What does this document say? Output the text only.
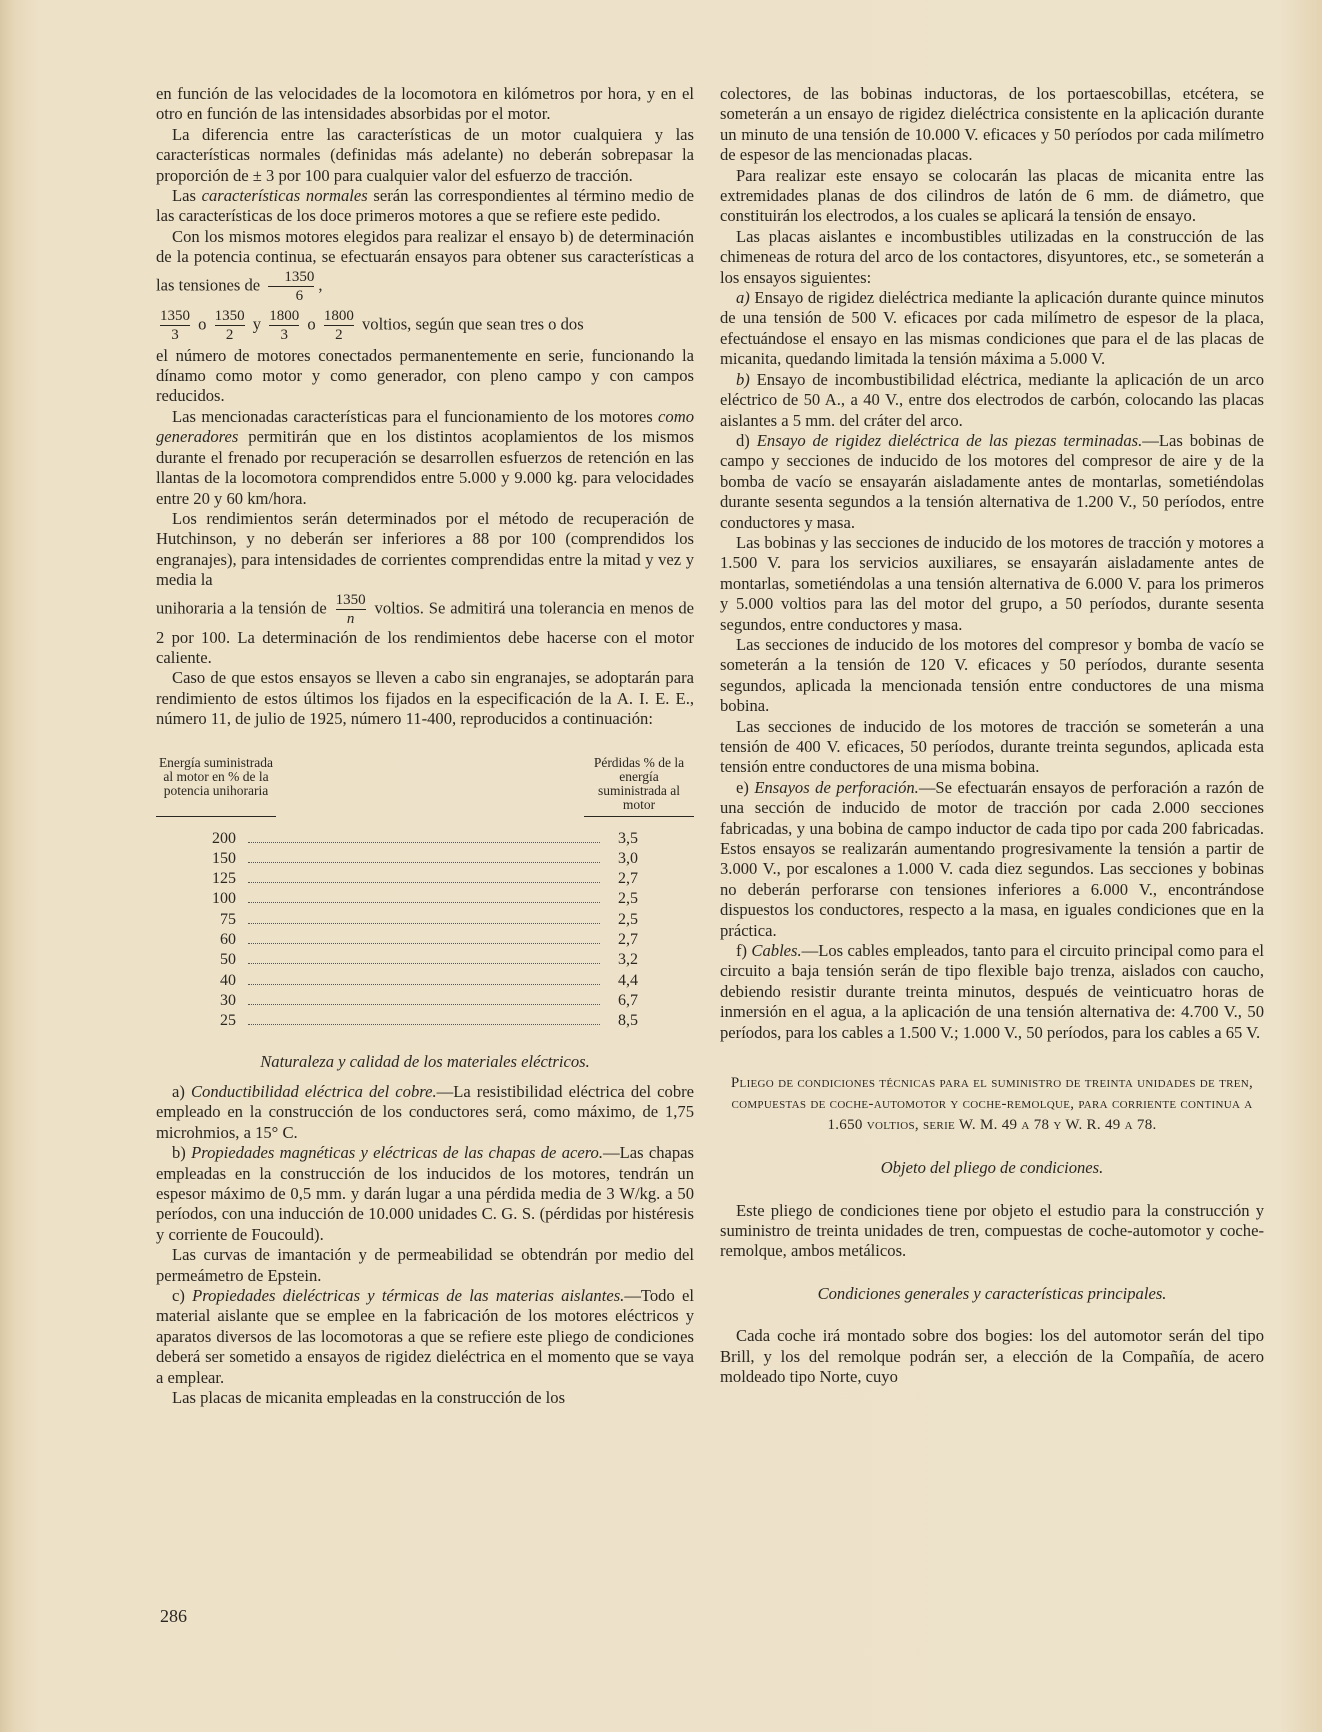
en función de las velocidades de la locomotora en kilómetros por hora, y en el otro en función de las intensidades absorbidas por el motor.

La diferencia entre las características de un motor cualquiera y las características normales (definidas más adelante) no deberán sobrepasar la proporción de ± 3 por 100 para cualquier valor del esfuerzo de tracción.

Las características normales serán las correspondientes al término medio de las características de los doce primeros motores a que se refiere este pedido.

Con los mismos motores elegidos para realizar el ensayo b) de determinación de la potencia continua, se efectuarán ensayos para obtener sus características a las tensiones de $\frac{1350}{6}$ ,

$\frac{1350}{3}$ o $\frac{1350}{2}$ y $\frac{1800}{3}$ o $\frac{1800}{2}$ voltios, según que sean tres o dos

el número de motores conectados permanentemente en serie, funcionando la dínamo como motor y como generador, con pleno campo y con campos reducidos.

Las mencionadas características para el funcionamiento de los motores como generadores permitirán que en los distintos acoplamientos de los mismos durante el frenado por recuperación se desarrollen esfuerzos de retención en las llantas de la locomotora comprendidos entre 5.000 y 9.000 kg. para velocidades entre 20 y 60 km/hora.

Los rendimientos serán determinados por el método de recuperación de Hutchinson, y no deberán ser inferiores a 88 por 100 (comprendidos los engranajes), para intensidades de corrientes comprendidas entre la mitad y vez y media la

unihoraria a la tensión de $\frac{1350}{n}$ voltios. Se admitirá una tolerancia en menos de 2 por 100. La determinación de los rendimientos debe hacerse con el motor caliente.

Caso de que estos ensayos se lleven a cabo sin engranajes, se adoptarán para rendimiento de estos últimos los fijados en la especificación de la A. I. E. E., número 11, de julio de 1925, número 11-400, reproducidos a continuación:

Energía suministrada al motor en % de la potencia unihoraria
Pérdidas % de la energía suministrada al motor
200	3,5
150	3,0
125	2,7
100	2,5
75	2,5
60	2,7
50	3,2
40	4,4
30	6,7
25	8,5

Naturaleza y calidad de los materiales eléctricos.

a) Conductibilidad eléctrica del cobre.—La resistibilidad eléctrica del cobre empleado en la construcción de los conductores será, como máximo, de 1,75 microhmios, a 15° C.

b) Propiedades magnéticas y eléctricas de las chapas de acero.—Las chapas empleadas en la construcción de los inducidos de los motores, tendrán un espesor máximo de 0,5 mm. y darán lugar a una pérdida media de 3 W/kg. a 50 períodos, con una inducción de 10.000 unidades C. G. S. (pérdidas por histéresis y corriente de Foucould).

Las curvas de imantación y de permeabilidad se obtendrán por medio del permeámetro de Epstein.

c) Propiedades dieléctricas y térmicas de las materias aislantes.—Todo el material aislante que se emplee en la fabricación de los motores eléctricos y aparatos diversos de las locomotoras a que se refiere este pliego de condiciones deberá ser sometido a ensayos de rigidez dieléctrica en el momento que se vaya a emplear.

Las placas de micanita empleadas en la construcción de los

colectores, de las bobinas inductoras, de los portaescobillas, etcétera, se someterán a un ensayo de rigidez dieléctrica consistente en la aplicación durante un minuto de una tensión de 10.000 V. eficaces y 50 períodos por cada milímetro de espesor de las mencionadas placas.

Para realizar este ensayo se colocarán las placas de micanita entre las extremidades planas de dos cilindros de latón de 6 mm. de diámetro, que constituirán los electrodos, a los cuales se aplicará la tensión de ensayo.

Las placas aislantes e incombustibles utilizadas en la construcción de las chimeneas de rotura del arco de los contactores, disyuntores, etc., se someterán a los ensayos siguientes:

a) Ensayo de rigidez dieléctrica mediante la aplicación durante quince minutos de una tensión de 500 V. eficaces por cada milímetro de espesor de la placa, efectuándose el ensayo en las mismas condiciones que para el de las placas de micanita, quedando limitada la tensión máxima a 5.000 V.

b) Ensayo de incombustibilidad eléctrica, mediante la aplicación de un arco eléctrico de 50 A., a 40 V., entre dos electrodos de carbón, colocando las placas aislantes a 5 mm. del cráter del arco.

d) Ensayo de rigidez dieléctrica de las piezas terminadas.—Las bobinas de campo y secciones de inducido de los motores del compresor de aire y de la bomba de vacío se ensayarán aisladamente antes de montarlas, sometiéndolas durante sesenta segundos a la tensión alternativa de 1.200 V., 50 períodos, entre conductores y masa.

Las bobinas y las secciones de inducido de los motores de tracción y motores a 1.500 V. para los servicios auxiliares, se ensayarán aisladamente antes de montarlas, sometiéndolas a una tensión alternativa de 6.000 V. para los primeros y 5.000 voltios para las del motor del grupo, a 50 períodos, durante sesenta segundos, entre conductores y masa.

Las secciones de inducido de los motores del compresor y bomba de vacío se someterán a la tensión de 120 V. eficaces y 50 períodos, durante sesenta segundos, aplicada la mencionada tensión entre conductores de una misma bobina.

Las secciones de inducido de los motores de tracción se someterán a una tensión de 400 V. eficaces, 50 períodos, durante treinta segundos, aplicada esta tensión entre conductores de una misma bobina.

e) Ensayos de perforación.—Se efectuarán ensayos de perforación a razón de una sección de inducido de motor de tracción por cada 2.000 secciones fabricadas, y una bobina de campo inductor de cada tipo por cada 200 fabricadas. Estos ensayos se realizarán aumentando progresivamente la tensión a partir de 3.000 V., por escalones a 1.000 V. cada diez segundos. Las secciones y bobinas no deberán perforarse con tensiones inferiores a 6.000 V., encontrándose dispuestos los conductores, respecto a la masa, en iguales condiciones que en la práctica.

f) Cables.—Los cables empleados, tanto para el circuito principal como para el circuito a baja tensión serán de tipo flexible bajo trenza, aislados con caucho, debiendo resistir durante treinta minutos, después de veinticuatro horas de inmersión en el agua, a la aplicación de una tensión alternativa de: 4.700 V., 50 períodos, para los cables a 1.500 V.; 1.000 V., 50 períodos, para los cables a 65 V.

Pliego de condiciones técnicas para el suministro de treinta unidades de tren, compuestas de coche-automotor y coche-remolque, para corriente continua a 1.650 voltios, serie W. M. 49 a 78 y W. R. 49 a 78.

Objeto del pliego de condiciones.

Este pliego de condiciones tiene por objeto el estudio para la construcción y suministro de treinta unidades de tren, compuestas de coche-automotor y coche-remolque, ambos metálicos.

Condiciones generales y características principales.

Cada coche irá montado sobre dos bogies: los del automotor serán del tipo Brill, y los del remolque podrán ser, a elección de la Compañía, de acero moldeado tipo Norte, cuyo

286
